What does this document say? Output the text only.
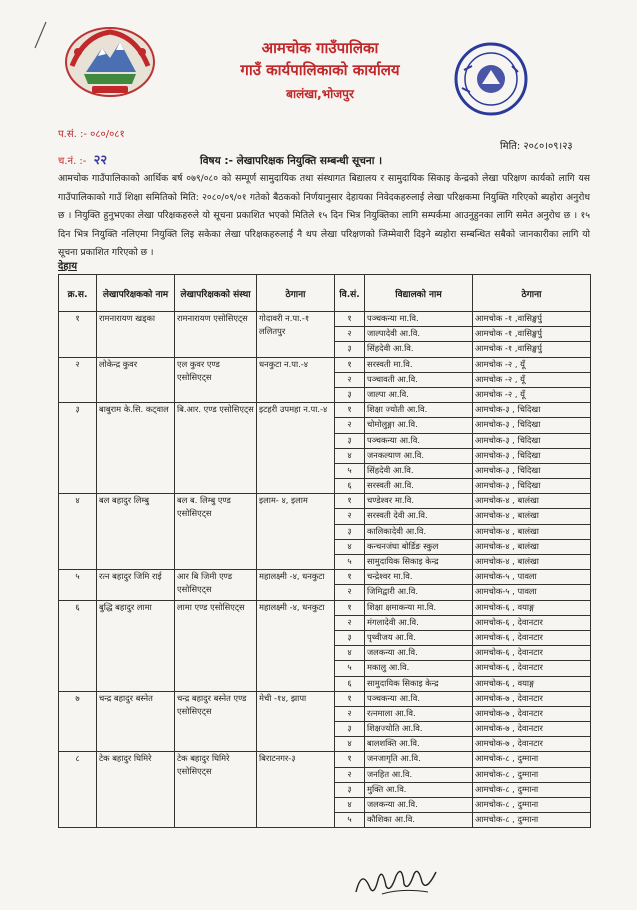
आमचोक गाउँपालिका
गाउँ कार्यपालिकाको कार्यालय
बालंखा,भोजपुर
प.सं. :- ०८०/०८१
च.नं. :- २२
मिति: २०८०।०९।२३
विषय :- लेखापरिक्षक नियुक्ति सम्बन्धी सूचना ।
आमचोक गाउँपालिकाको आर्थिक बर्ष ०७९/०८० को सम्पूर्ण सामुदायिक तथा संस्थागत बिद्यालय र सामुदायिक सिकाइ केन्द्रको लेखा परिक्षण कार्यको लागि यस गाउँपालिकाको गाउँ शिक्षा समितिको मिति: २०८०/०९/०१ गतेको बैठकको निर्णयानुसार देहायका निवेदकहरुलाई लेखा परिक्षकमा नियुक्ति गरिएको ब्यहोरा अनुरोध छ । नियुक्ति हुनुभएका लेखा परिक्षकहरुले यो सूचना प्रकाशित भएको मितिले १५ दिन भित्र नियुक्तिका लागि सम्पर्कमा आउनुहुनका लागि समेत अनुरोध छ । १५ दिन भित्र नियुक्ति नलिएमा नियुक्ति लिइ सकेका लेखा परिक्षकहरुलाई नै थप लेखा परिक्षणको जिम्मेवारी दिइने ब्यहोरा सम्बन्धित सबैको जानकारीका लागि यो सूचना प्रकाशित गरिएको छ ।
देहाय
क्र.स.	लेखापरिक्षकको नाम	लेखापरिक्षकको संस्था	ठेगाना	वि.सं.	विद्यालको नाम	ठेगाना
१	रामनारायण खड्का	रामनारायण एसोसिएट्स	गोदावरी न.पा.-१ ललितपुर	१	पञ्चकन्या मा.वि.	आमचोक -१ ,वासिङ्खर्पु
				२	जाल्पादेवी आ.वि.	आमचोक -१ ,वासिङ्खर्पु
				३	सिंहदेवी आ.वि.	आमचोक -१ ,वासिङ्खर्पु
२	लोकेन्द्र कुवर	एल कुवर एण्ड एसोसिएट्स	धनकुटा न.पा.-४	१	सरस्वती मा.वि.	आमचोक -२ , यूँ
				२	पञ्चावती आ.वि.	आमचोक -२ , यूँ
				३	जाल्पा आ.वि.	आमचोक -२ , यूँ
३	बाबुराम के.सि. कट्वाल	बि.आर. एण्ड एसोसिएट्स	इटहरी उपमहा न.पा.-४	१	शिक्षा ज्योती आ.वि.	आमचोक-३ , चिदिखा
				२	चोमोलुङ्गा आ.वि.	आमचोक-३ , चिदिखा
				३	पञ्चकन्या आ.वि.	आमचोक-३ , चिदिखा
				४	जनकल्याण आ.वि.	आमचोक-३ , चिदिखा
				५	सिंहदेवी आ.वि.	आमचोक-३ , चिदिखा
				६	सरस्वती आ.वि.	आमचोक-३ , चिदिखा
४	बल बहादुर लिम्बु	बल ब. लिम्बु एण्ड एसोसिएट्स	इलाम- ४, इलाम	१	चण्डेश्वर मा.वि.	आमचोक-४ , बालंखा
				२	सरस्वती देवी आ.वि.	आमचोक-४ , बालंखा
				३	कालिकादेवी आ.वि.	आमचोक-४ , बालंखा
				४	कन्चनजंघा बोर्डिङ स्कुल	आमचोक-४ , बालंखा
				५	सामुदायिक सिकाइ केन्द्र	आमचोक-४ , बालंखा
५	रत्न बहादुर जिमि राई	आर बि जिमी एण्ड एसोसिएट्स	महालक्ष्मी -४, धनकुटा	१	चन्द्रेश्वर मा.वि.	आमचोक-५ , पावला
				२	जिमिद्वारी आ.वि.	आमचोक-५ , पावला
६	बुद्धि बहादुर लामा	लामा एण्ड एसोसिएट्स	महालक्ष्मी -४, धनकुटा	१	शिक्षा क्षमाकन्या मा.वि.	आमचोक-६ , वयाङ्ग
				२	मंगलादेवी आ.वि.	आमचोक-६ , देवानटार
				३	पृथ्वीजय आ.वि.	आमचोक-६ , देवानटार
				४	जलकन्या आ.वि.	आमचोक-६ , देवानटार
				५	मकालु आ.वि.	आमचोक-६ , देवानटार
				६	सामुदायिक सिकाइ केन्द्र	आमचोक-६ , वयाङ्ग
७	चन्द्र बहादुर बस्नेत	चन्द्र बहादुर बस्नेत एण्ड एसोसिएट्स	मेची -१४, झापा	१	पञ्चकन्या आ.वि.	आमचोक-७ , देवानटार
				२	रत्नमाला आ.वि.	आमचोक-७ , देवानटार
				३	शिक्षज्योति आ.वि.	आमचोक-७ , देवानटार
				४	बालशक्ति आ.वि.	आमचोक-७ , देवानटार
८	टेक बहादुर घिमिरे	टेक बहादुर घिमिरे एसोसिएट्स	बिराटनगर-३	१	जनजागृति आ.वि.	आमचोक-८ , दुम्माना
				२	जनहित आ.वि.	आमचोक-८ , दुम्माना
				३	मुक्ति आ.वि.	आमचोक-८ , दुम्माना
				४	जलकन्या आ.वि.	आमचोक-८ , दुम्माना
				५	कौशिका आ.वि.	आमचोक-८ , दुम्माना
